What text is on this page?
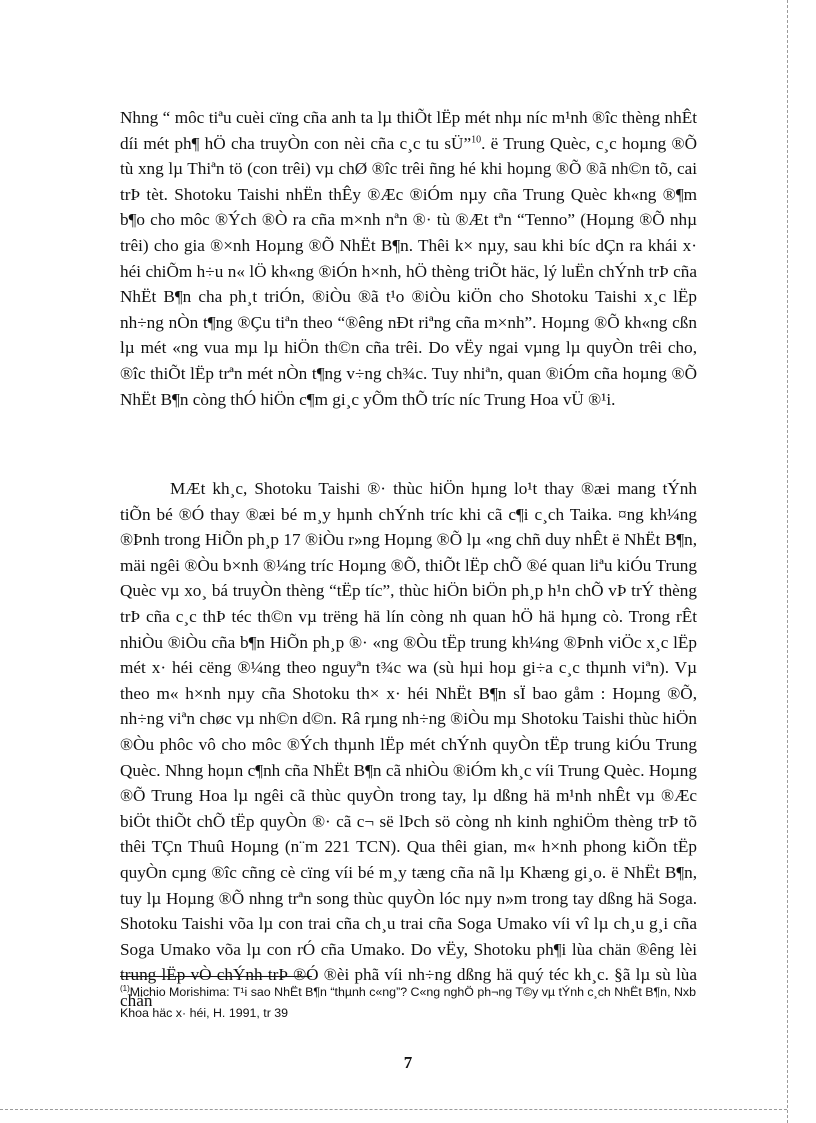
Nhng “ môc tiªu cuèi cïng cña anh ta lµ thiÕt lËp mét nhµ níc m¹nh ®îc thèng nhÊt díi mét ph¶ hÖ cha truyÒn con nèi cña c¸c tu sÜ”$^{10}$. ë Trung Quèc, c¸c hoµng ®Õ tù xng lµ Thiªn tö (con trêi) vµ chØ ®îc trêi ñng hé khi hoµng ®Õ ®ã nh©n tõ, cai trÞ tèt. Shotoku Taishi nhËn thÊy ®Æc ®iÓm nµy cña Trung Quèc kh«ng ®¶m b¶o cho môc ®Ých ®Ò ra cña m×nh nªn ®· tù ®Æt tªn “Tenno” (Hoµng ®Õ nhµ trêi) cho gia ®×nh Hoµng ®Õ NhËt B¶n. Thêi k× nµy, sau khi bíc dÇn ra khái x· héi chiÕm h÷u n« lÖ kh«ng ®iÓn h×nh, hÖ thèng triÕt häc, lý luËn chÝnh trÞ cña NhËt B¶n cha ph¸t triÓn, ®iÒu ®ã t¹o ®iÒu kiÖn cho Shotoku Taishi x¸c lËp nh÷ng nÒn t¶ng ®Çu tiªn theo “®êng nÐt riªng cña m×nh”. Hoµng ®Õ kh«ng cßn lµ mét «ng vua mµ lµ hiÖn th©n cña trêi. Do vËy ngai vµng lµ quyÒn trêi cho, ®îc thiÕt lËp trªn mét nÒn t¶ng v÷ng ch¾c. Tuy nhiªn, quan ®iÓm cña hoµng ®Õ NhËt B¶n còng thÓ hiÖn c¶m gi¸c yÕm thÕ tríc níc Trung Hoa vÜ ®¹i.

MÆt kh¸c, Shotoku Taishi ®· thùc hiÖn hµng lo¹t thay ®æi mang tÝnh tiÕn bé ®Ó thay ®æi bé m¸y hµnh chÝnh tríc khi cã c¶i c¸ch Taika. ¤ng kh¼ng ®Þnh trong HiÕn ph¸p 17 ®iÒu r»ng Hoµng ®Õ lµ «ng chñ duy nhÊt ë NhËt B¶n, mäi ngêi ®Òu b×nh ®¼ng tríc Hoµng ®Õ, thiÕt lËp chÕ ®é quan liªu kiÓu Trung Quèc vµ xo¸ bá truyÒn thèng “tËp tíc”, thùc hiÖn biÖn ph¸p h¹n chÕ vÞ trÝ thèng trÞ cña c¸c thÞ téc th©n vµ trëng hä lín còng nh quan hÖ hä hµng cò. Trong rÊt nhiÒu ®iÒu cña b¶n HiÕn ph¸p ®· «ng ®Òu tËp trung kh¼ng ®Þnh viÖc x¸c lËp mét x· héi cëng ®¼ng theo nguyªn t¾c wa (sù hµi hoµ gi÷a c¸c thµnh viªn). Vµ theo m« h×nh nµy cña Shotoku th× x· héi NhËt B¶n sÏ bao gåm : Hoµng ®Õ, nh÷ng viªn chøc vµ nh©n d©n. Râ rµng nh÷ng ®iÒu mµ Shotoku Taishi thùc hiÖn ®Òu phôc vô cho môc ®Ých thµnh lËp mét chÝnh quyÒn tËp trung kiÓu Trung Quèc. Nhng hoµn c¶nh cña NhËt B¶n cã nhiÒu ®iÓm kh¸c víi Trung Quèc. Hoµng ®Õ Trung Hoa lµ ngêi cã thùc quyÒn trong tay, lµ dßng hä m¹nh nhÊt vµ ®Æc biÖt thiÕt chÕ tËp quyÒn ®· cã c¬ së lÞch sö còng nh kinh nghiÖm thèng trÞ tõ thêi TÇn Thuû Hoµng (n¨m 221 TCN). Qua thêi gian, m« h×nh phong kiÕn tËp quyÒn cµng ®îc cñng cè cïng víi bé m¸y tæng cña nã lµ Khæng gi¸o. ë NhËt B¶n, tuy lµ Hoµng ®Õ nhng trªn song thùc quyÒn lóc nµy n»m trong tay dßng hä Soga. Shotoku Taishi võa lµ con trai cña ch¸u trai cña Soga Umako víi vî lµ ch¸u g¸i cña Soga Umako võa lµ con rÓ cña Umako. Do vËy, Shotoku ph¶i lùa chän ®êng lèi trung lËp vÒ chÝnh trÞ ®Ó ®èi phã víi nh÷ng dßng hä quý téc kh¸c. §ã lµ sù lùa chän

$^{(1)}$Michio Morishima: T¹i sao NhËt B¶n “thµnh c«ng”? C«ng nghÖ ph¬ng T©y vµ tÝnh c¸ch NhËt B¶n, Nxb Khoa häc x· héi, H. 1991, tr 39

7
